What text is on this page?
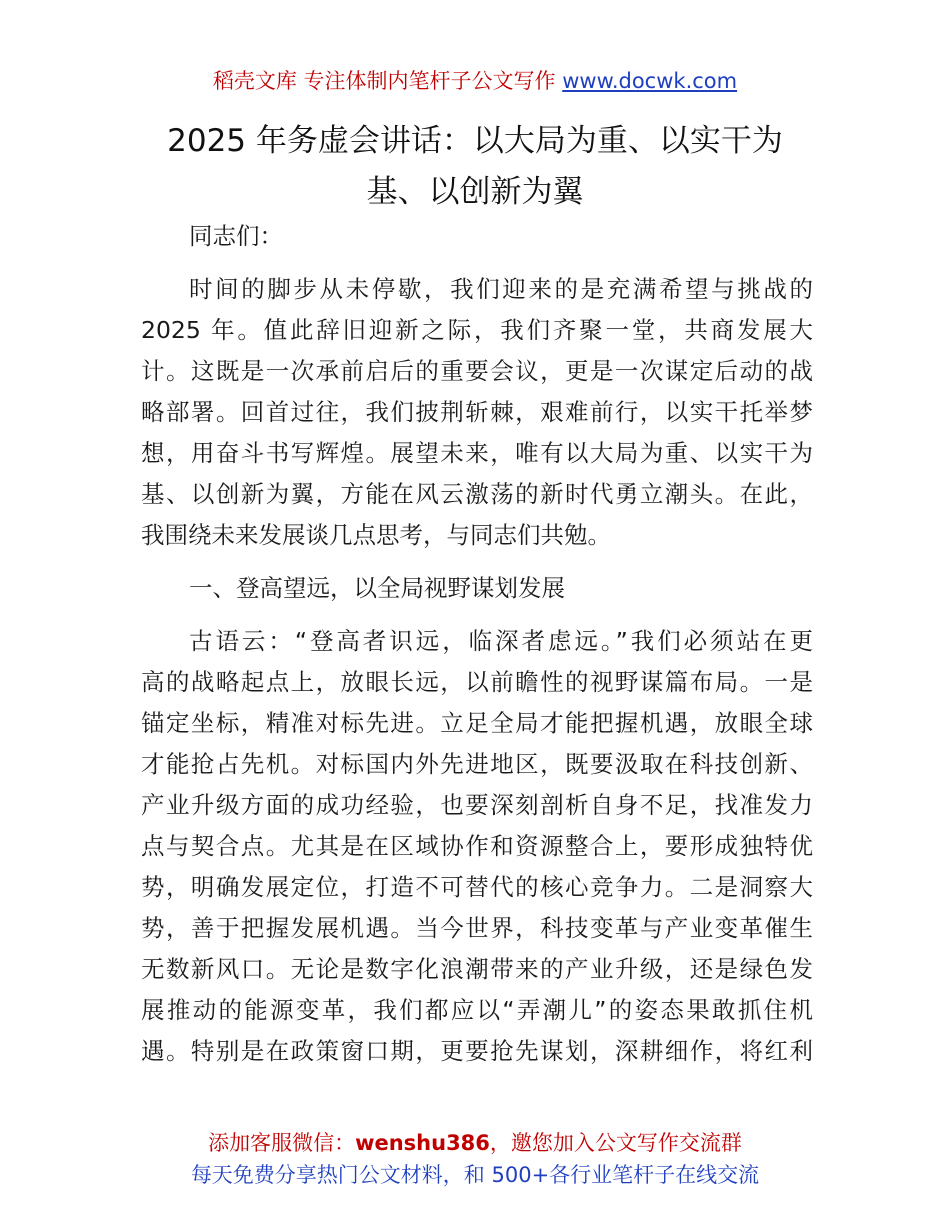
稻壳文库 专注体制内笔杆子公文写作 www.docwk.com
2025 年务虚会讲话：以大局为重、以实干为
基、以创新为翼

同志们：

时间的脚步从未停歇，我们迎来的是充满希望与挑战的
2025 年。值此辞旧迎新之际，我们齐聚一堂，共商发展大
计。这既是一次承前启后的重要会议，更是一次谋定后动的战
略部署。回首过往，我们披荆斩棘，艰难前行，以实干托举梦
想，用奋斗书写辉煌。展望未来，唯有以大局为重、以实干为
基、以创新为翼，方能在风云激荡的新时代勇立潮头。在此，
我围绕未来发展谈几点思考，与同志们共勉。

一、登高望远，以全局视野谋划发展

古语云：“登高者识远，临深者虑远。”我们必须站在更
高的战略起点上，放眼长远，以前瞻性的视野谋篇布局。一是
锚定坐标，精准对标先进。立足全局才能把握机遇，放眼全球
才能抢占先机。对标国内外先进地区，既要汲取在科技创新、
产业升级方面的成功经验，也要深刻剖析自身不足，找准发力
点与契合点。尤其是在区域协作和资源整合上，要形成独特优
势，明确发展定位，打造不可替代的核心竞争力。二是洞察大
势，善于把握发展机遇。当今世界，科技变革与产业变革催生
无数新风口。无论是数字化浪潮带来的产业升级，还是绿色发
展推动的能源变革，我们都应以“弄潮儿”的姿态果敢抓住机
遇。特别是在政策窗口期，更要抢先谋划，深耕细作，将红利

添加客服微信：wenshu386，邀您加入公文写作交流群
每天免费分享热门公文材料，和 500+各行业笔杆子在线交流
